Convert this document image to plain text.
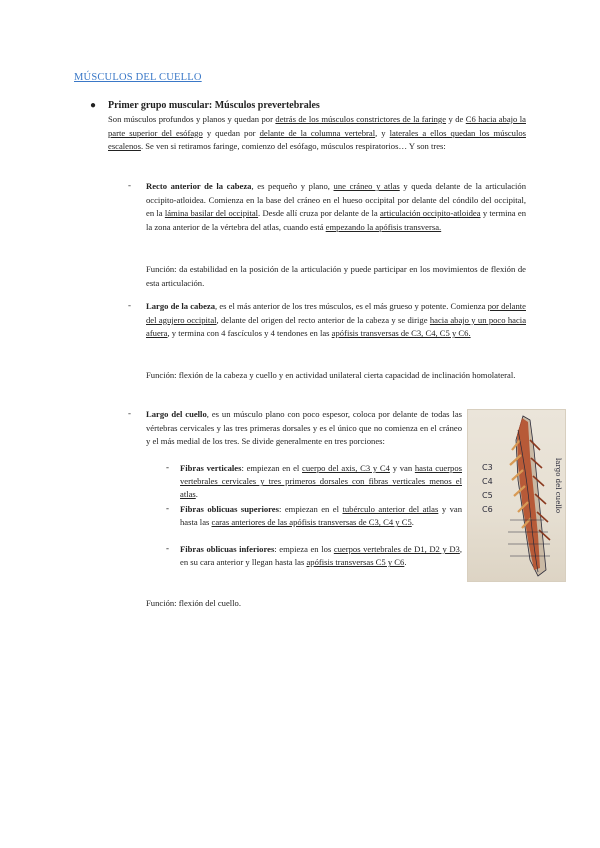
MÚSCULOS DEL CUELLO
● Primer grupo muscular: Músculos prevertebrales
Son músculos profundos y planos y quedan por detrás de los músculos constrictores de la faringe y de C6 hacia abajo la parte superior del esófago y quedan por delante de la columna vertebral, y laterales a ellos quedan los músculos escalenos. Se ven si retiramos faringe, comienzo del esófago, músculos respiratorios… Y son tres:
- Recto anterior de la cabeza, es pequeño y plano, une cráneo y atlas y queda delante de la articulación occipito-atloidea. Comienza en la base del cráneo en el hueso occipital por delante del cóndilo del occipital, en la lámina basilar del occipital. Desde allí cruza por delante de la articulación occipito-atloidea y termina en la zona anterior de la vértebra del atlas, cuando está empezando la apófisis transversa.
Función: da estabilidad en la posición de la articulación y puede participar en los movimientos de flexión de esta articulación.
- Largo de la cabeza, es el más anterior de los tres músculos, es el más grueso y potente. Comienza por delante del agujero occipital, delante del origen del recto anterior de la cabeza y se dirige hacia abajo y un poco hacia afuera, y termina con 4 fascículos y 4 tendones en las apófisis transversas de C3, C4, C5 y C6.
Función: flexión de la cabeza y cuello y en actividad unilateral cierta capacidad de inclinación homolateral.
- Largo del cuello, es un músculo plano con poco espesor, coloca por delante de todas las vértebras cervicales y las tres primeras dorsales y es el único que no comienza en el cráneo y el más medial de los tres. Se divide generalmente en tres porciones:
- Fibras verticales: empiezan en el cuerpo del axis, C3 y C4 y van hasta cuerpos vertebrales cervicales y tres primeros dorsales con fibras verticales menos el atlas.
- Fibras oblicuas superiores: empiezan en el tubérculo anterior del atlas y van hasta las caras anteriores de las apófisis transversas de C3, C4 y C5.
- Fibras oblicuas inferiores: empieza en los cuerpos vertebrales de D1, D2 y D3, en su cara anterior y llegan hasta las apófisis transversas C5 y C6.
Función: flexión del cuello.
C3
C4
C5
C6	largo del cuello
